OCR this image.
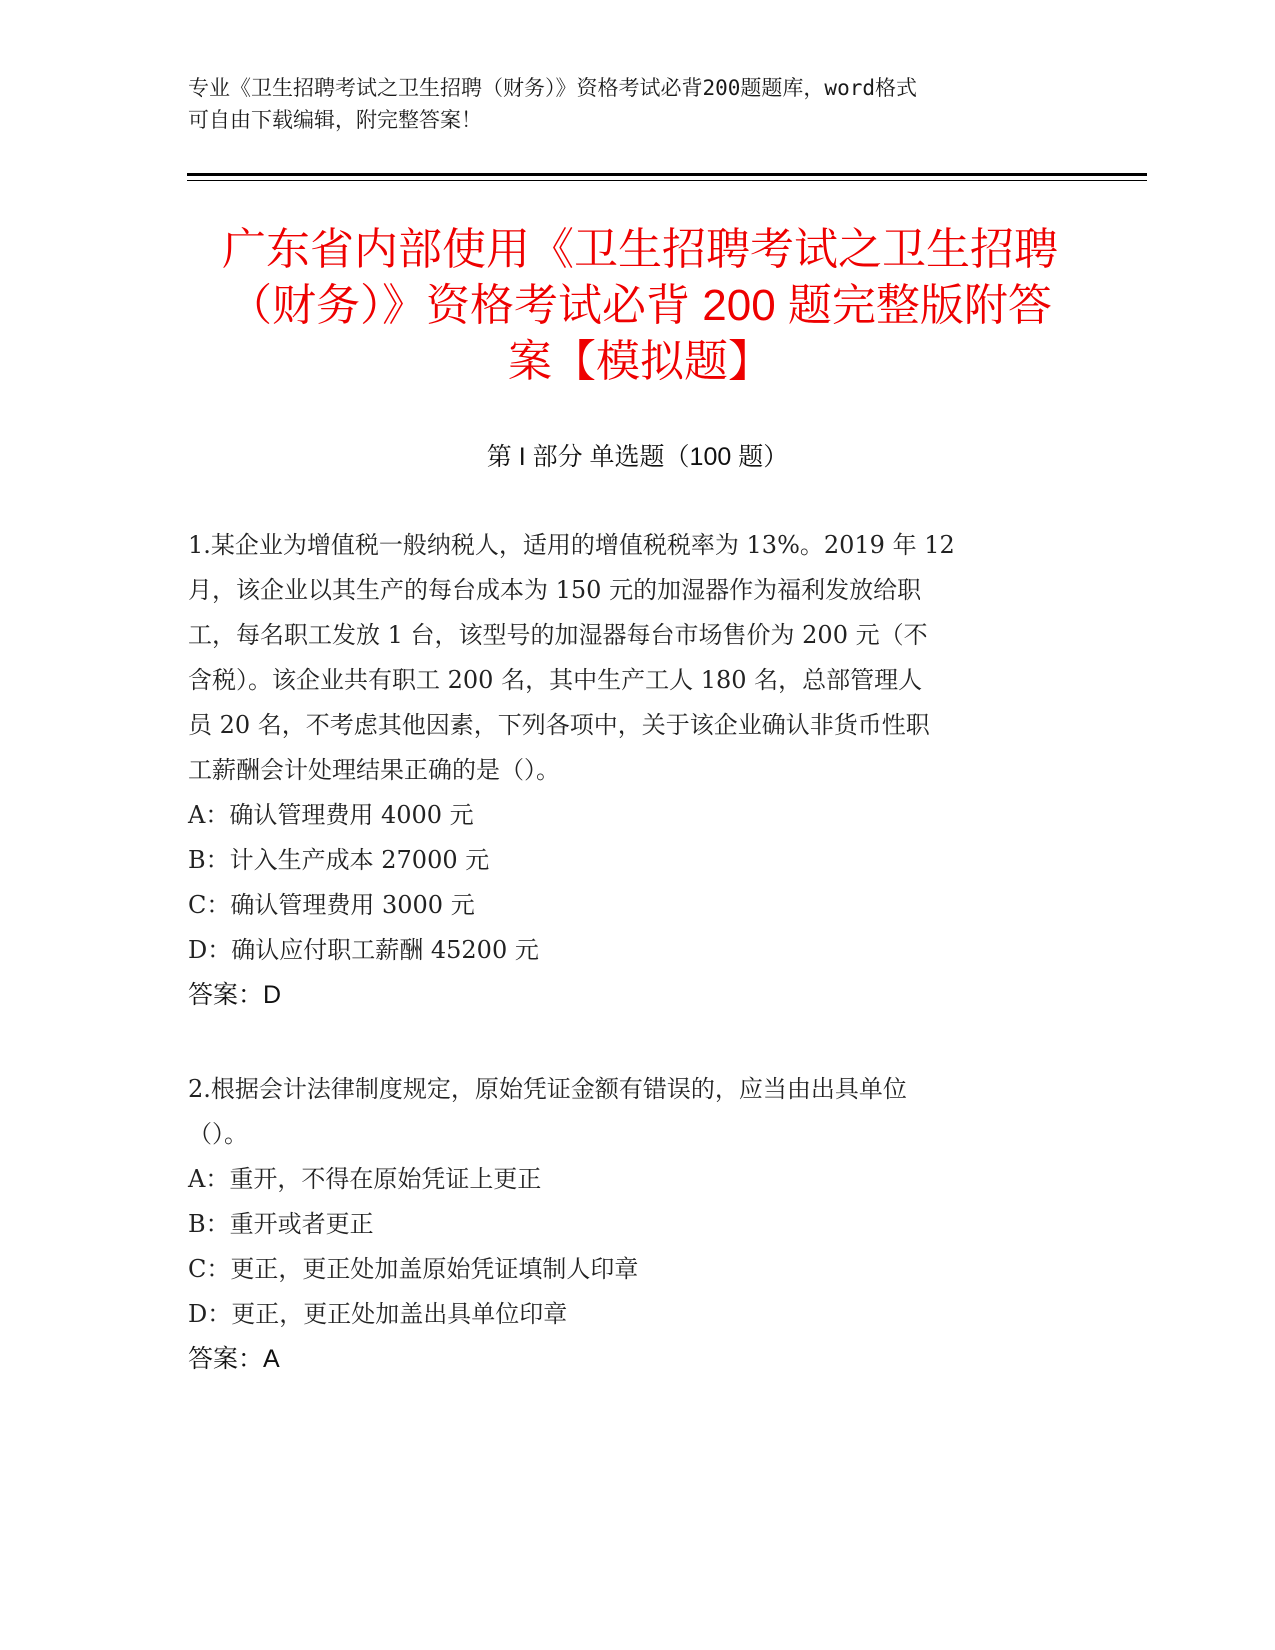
专业《卫生招聘考试之卫生招聘（财务）》资格考试必背200题题库，word格式
可自由下载编辑，附完整答案！
广东省内部使用《卫生招聘考试之卫生招聘
（财务）》资格考试必背 200 题完整版附答
案【模拟题】
第 I 部分 单选题（100 题）
1.某企业为增值税一般纳税人，适用的增值税税率为 13%。2019 年 12
月，该企业以其生产的每台成本为 150 元的加湿器作为福利发放给职
工，每名职工发放 1 台，该型号的加湿器每台市场售价为 200 元（不
含税）。该企业共有职工 200 名，其中生产工人 180 名，总部管理人
员 20 名，不考虑其他因素，下列各项中，关于该企业确认非货币性职
工薪酬会计处理结果正确的是（）。
A：确认管理费用 4000 元
B：计入生产成本 27000 元
C：确认管理费用 3000 元
D：确认应付职工薪酬 45200 元
答案：D
2.根据会计法律制度规定，原始凭证金额有错误的，应当由出具单位
（）。
A：重开，不得在原始凭证上更正
B：重开或者更正
C：更正，更正处加盖原始凭证填制人印章
D：更正，更正处加盖出具单位印章
答案：A
